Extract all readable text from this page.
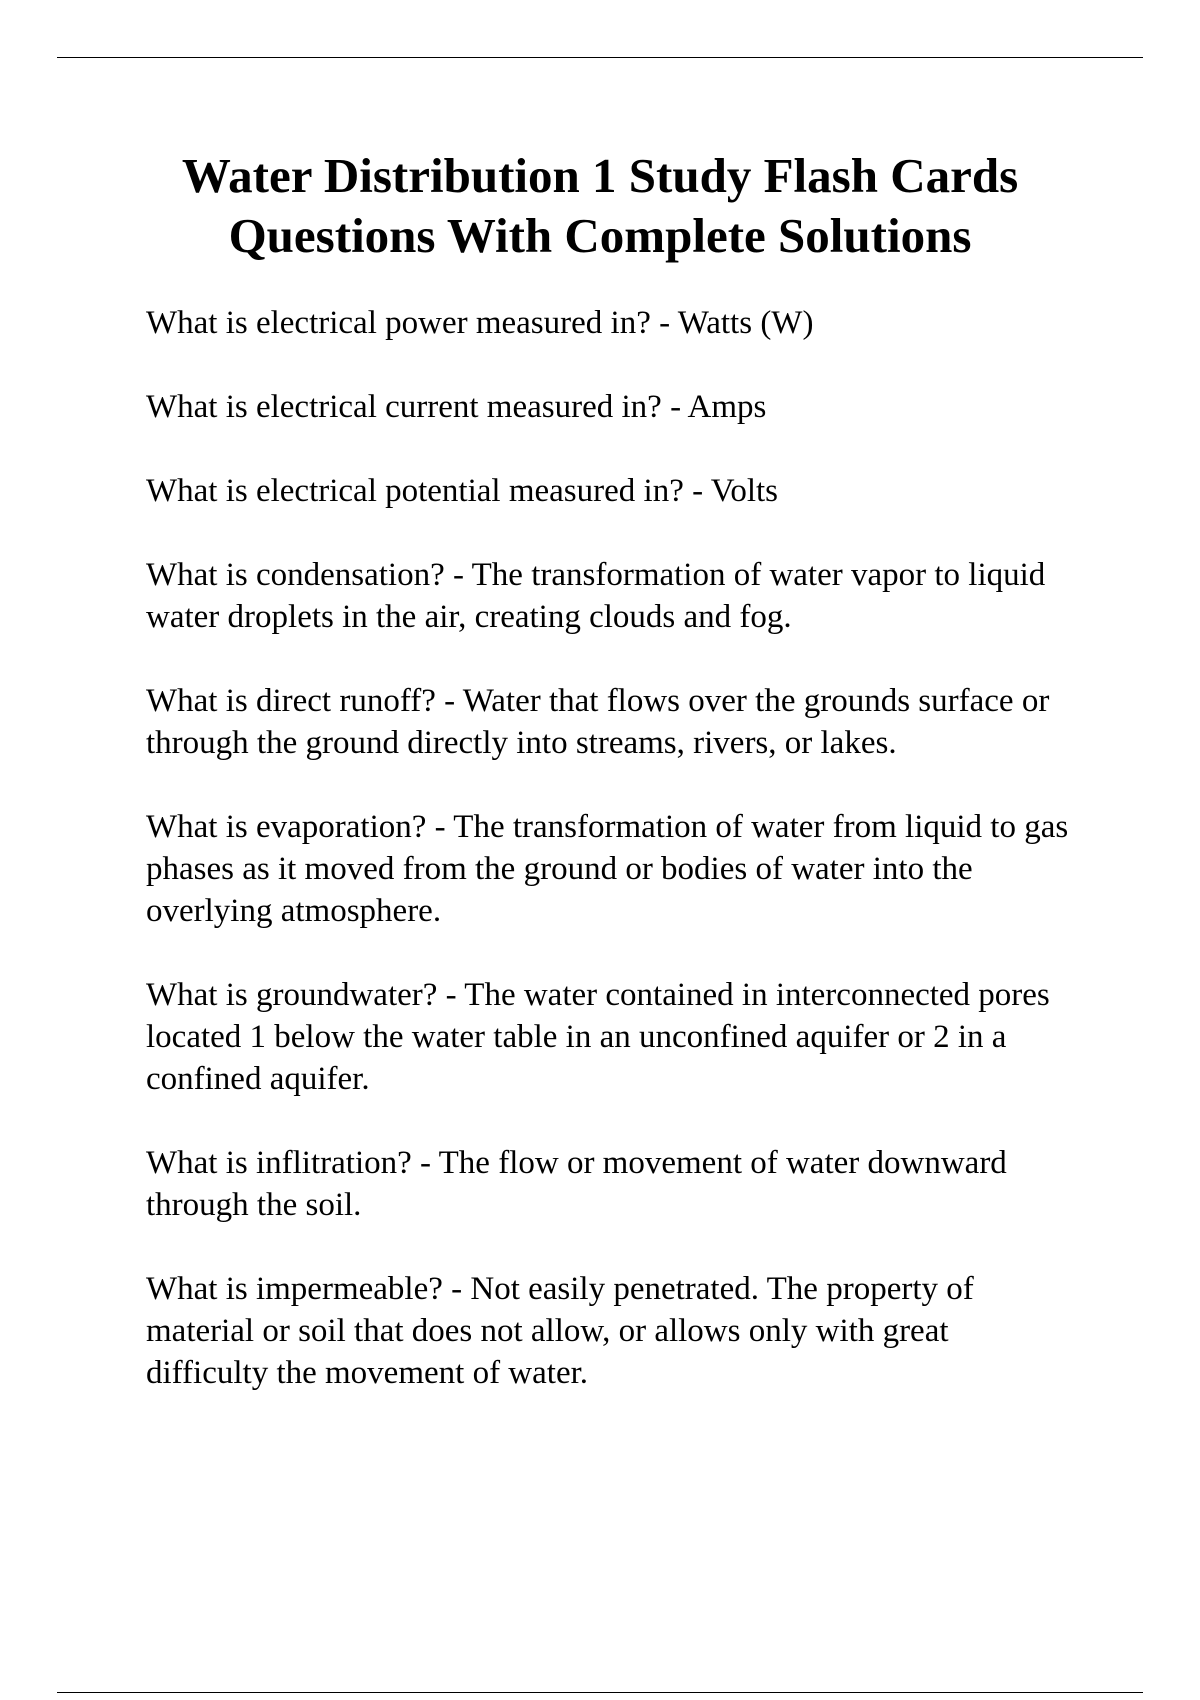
Water Distribution 1 Study Flash Cards
Questions With Complete Solutions
What is electrical power measured in? - Watts (W)
What is electrical current measured in? - Amps
What is electrical potential measured in? - Volts
What is condensation? - The transformation of water vapor to liquid water droplets in the air, creating clouds and fog.
What is direct runoff? - Water that flows over the grounds surface or through the ground directly into streams, rivers, or lakes.
What is evaporation? - The transformation of water from liquid to gas phases as it moved from the ground or bodies of water into the overlying atmosphere.
What is groundwater? - The water contained in interconnected pores located 1 below the water table in an unconfined aquifer or 2 in a confined aquifer.
What is inflitration? - The flow or movement of water downward through the soil.
What is impermeable? - Not easily penetrated. The property of material or soil that does not allow, or allows only with great difficulty the movement of water.
